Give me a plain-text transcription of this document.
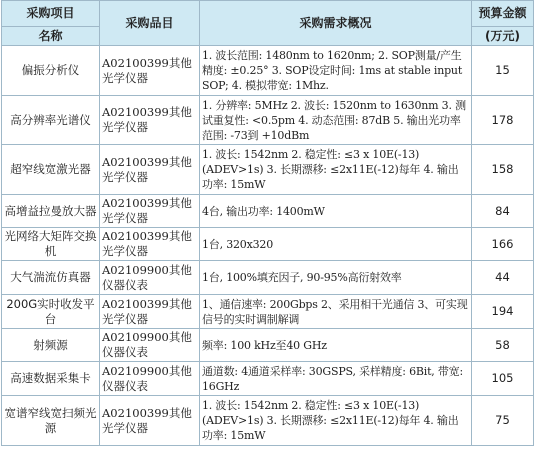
采购项目	采购品目	采购需求概况	预算金额
名称			(万元)
偏振分析仪	A02100399其他光学仪器	1. 波长范围: 1480nm to 1620nm; 2. SOP测量/产生精度: ±0.25° 3. SOP设定时间: 1ms at stable input SOP; 4. 模拟带宽: 1Mhz.	15
高分辨率光谱仪	A02100399其他光学仪器	1. 分辨率: 5MHz 2. 波长: 1520nm to 1630nm 3. 测试重复性: <0.5pm 4. 动态范围: 87dB 5. 输出光功率范围: -73到 +10dBm	178
超窄线宽激光器	A02100399其他光学仪器	1. 波长: 1542nm 2. 稳定性: ≤3 x 10E(-13)(ADEV>1s) 3. 长期漂移: ≤2x11E(-12)每年 4. 输出功率: 15mW	158
高增益拉曼放大器	A02100399其他光学仪器	4台, 输出功率: 1400mW	84
光网络大矩阵交换机	A02100399其他光学仪器	1台, 320x320	166
大气湍流仿真器	A02109900其他仪器仪表	1台, 100%填充因子, 90-95%高衍射效率	44
200G实时收发平台	A02100399其他光学仪器	1、通信速率: 200Gbps 2、采用相干光通信 3、可实现信号的实时调制解调	194
射频源	A02109900其他仪器仪表	频率: 100 kHz至40 GHz	58
高速数据采集卡	A02109900其他仪器仪表	通道数: 4通道采样率: 30GSPS, 采样精度: 6Bit, 带宽: 16GHz	105
宽谱窄线宽扫频光源	A02100399其他光学仪器	1. 波长: 1542nm 2. 稳定性: ≤3 x 10E(-13)(ADEV>1s) 3. 长期漂移: ≤2x11E(-12)每年 4. 输出功率: 15mW	75
